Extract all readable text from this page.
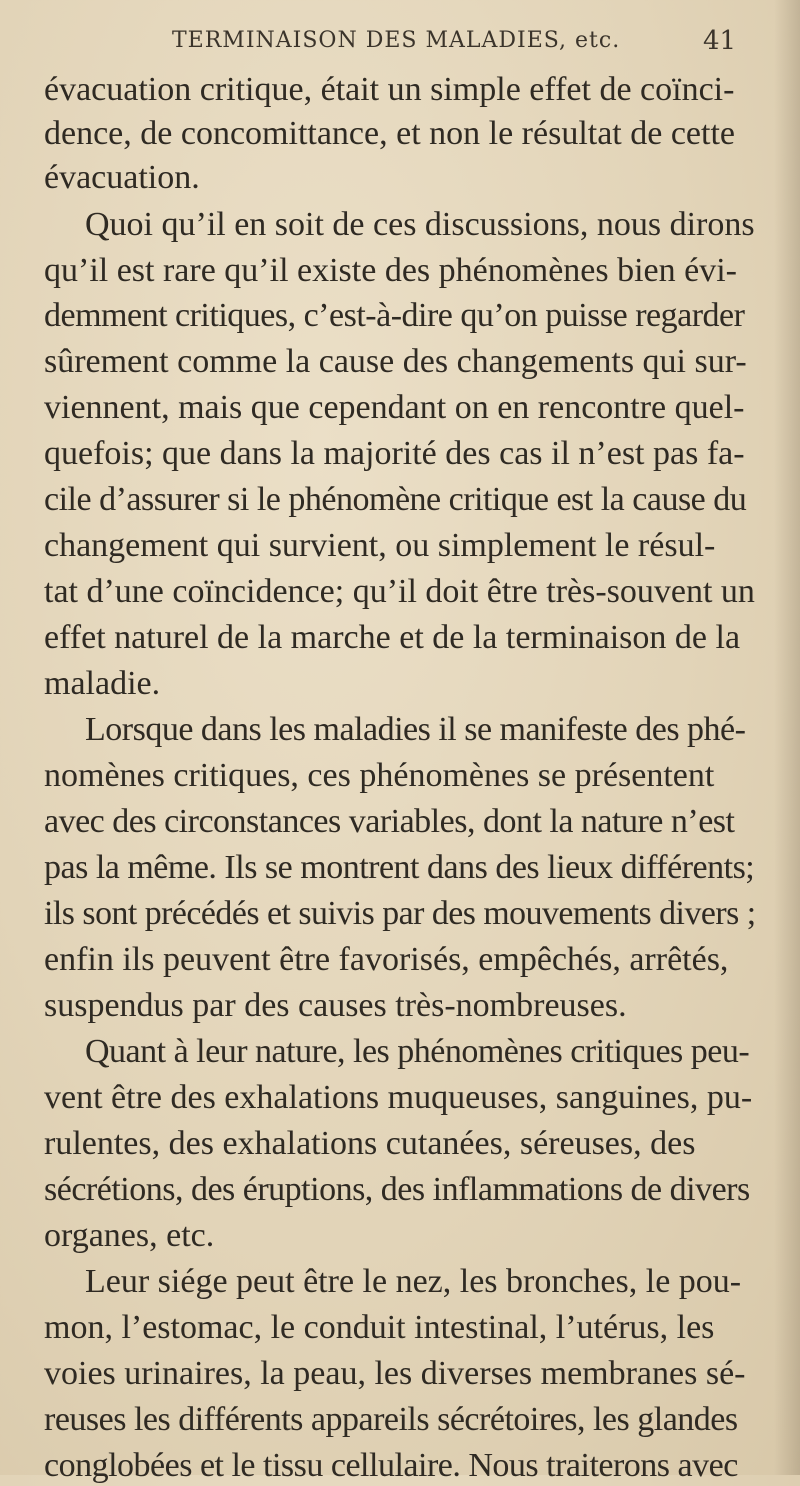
TERMINAISON DES MALADIES, etc.	41
évacuation critique, était un simple effet de coïnci-
dence, de concomittance, et non le résultat de cette
évacuation.
Quoi qu’il en soit de ces discussions, nous dirons
qu’il est rare qu’il existe des phénomènes bien évi-
demment critiques, c’est-à-dire qu’on puisse regarder
sûrement comme la cause des changements qui sur-
viennent, mais que cependant on en rencontre quel-
quefois; que dans la majorité des cas il n’est pas fa-
cile d’assurer si le phénomène critique est la cause du
changement qui survient, ou simplement le résul-
tat d’une coïncidence; qu’il doit être très-souvent un
effet naturel de la marche et de la terminaison de la
maladie.
Lorsque dans les maladies il se manifeste des phé-
nomènes critiques, ces phénomènes se présentent
avec des circonstances variables, dont la nature n’est
pas la même. Ils se montrent dans des lieux différents;
ils sont précédés et suivis par des mouvements divers ;
enfin ils peuvent être favorisés, empêchés, arrêtés,
suspendus par des causes très-nombreuses.
Quant à leur nature, les phénomènes critiques peu-
vent être des exhalations muqueuses, sanguines, pu-
rulentes, des exhalations cutanées, séreuses, des
sécrétions, des éruptions, des inflammations de divers
organes, etc.
Leur siége peut être le nez, les bronches, le pou-
mon, l’estomac, le conduit intestinal, l’utérus, les
voies urinaires, la peau, les diverses membranes sé-
reuses les différents appareils sécrétoires, les glandes
conglobées et le tissu cellulaire. Nous traiterons avec
